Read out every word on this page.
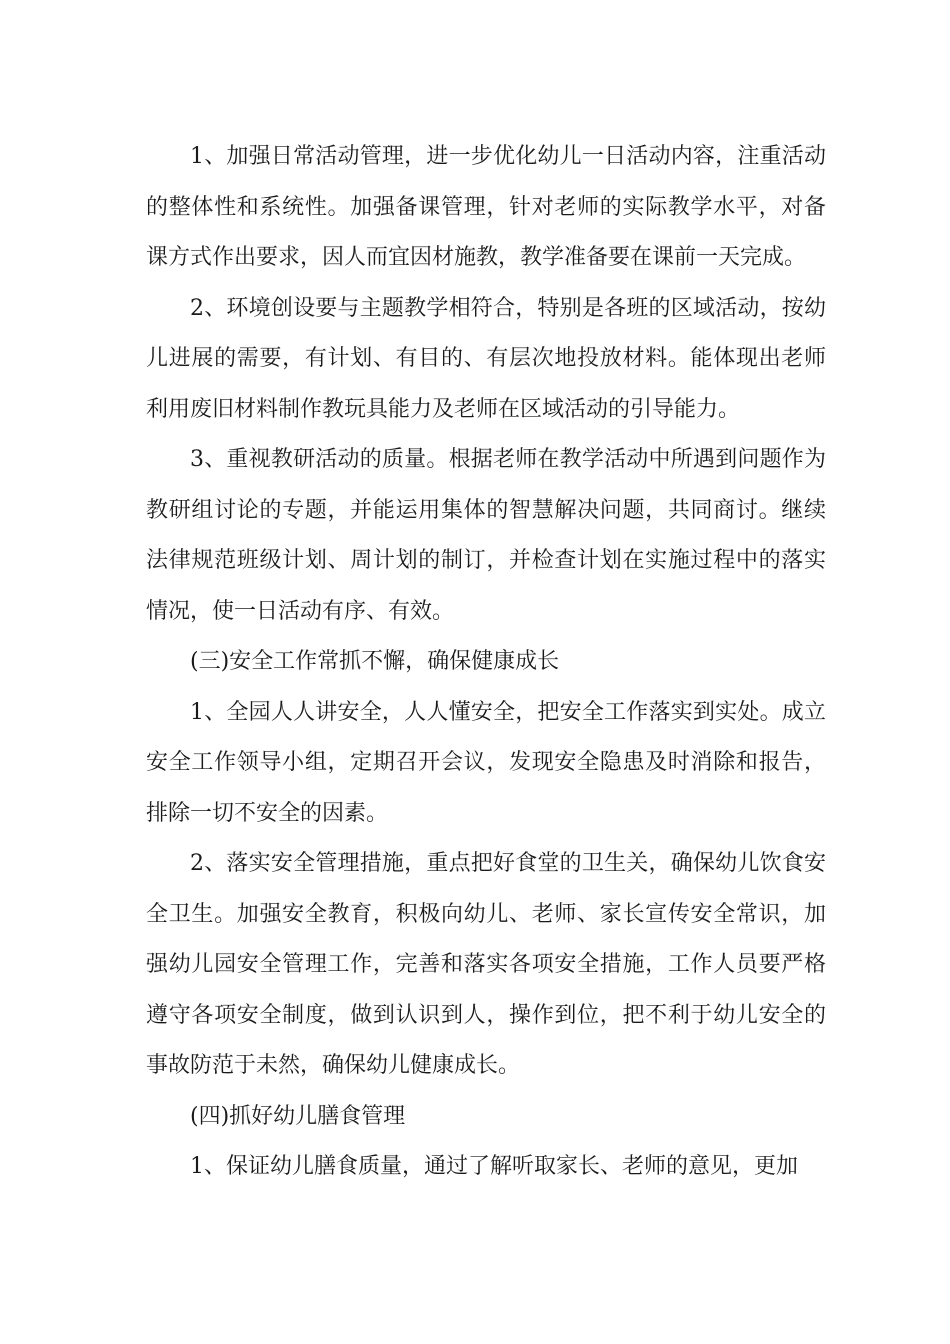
1、加强日常活动管理，进一步优化幼儿一日活动内容，注重活动的整体性和系统性。加强备课管理，针对老师的实际教学水平，对备课方式作出要求，因人而宜因材施教，教学准备要在课前一天完成。

2、环境创设要与主题教学相符合，特别是各班的区域活动，按幼儿进展的需要，有计划、有目的、有层次地投放材料。能体现出老师利用废旧材料制作教玩具能力及老师在区域活动的引导能力。

3、重视教研活动的质量。根据老师在教学活动中所遇到问题作为教研组讨论的专题，并能运用集体的智慧解决问题，共同商讨。继续法律规范班级计划、周计划的制订，并检查计划在实施过程中的落实情况，使一日活动有序、有效。

(三)安全工作常抓不懈，确保健康成长

1、全园人人讲安全，人人懂安全，把安全工作落实到实处。成立安全工作领导小组，定期召开会议，发现安全隐患及时消除和报告，排除一切不安全的因素。

2、落实安全管理措施，重点把好食堂的卫生关，确保幼儿饮食安全卫生。加强安全教育，积极向幼儿、老师、家长宣传安全常识，加强幼儿园安全管理工作，完善和落实各项安全措施，工作人员要严格遵守各项安全制度，做到认识到人，操作到位，把不利于幼儿安全的事故防范于未然，确保幼儿健康成长。

(四)抓好幼儿膳食管理

1、保证幼儿膳食质量，通过了解听取家长、老师的意见，更加
